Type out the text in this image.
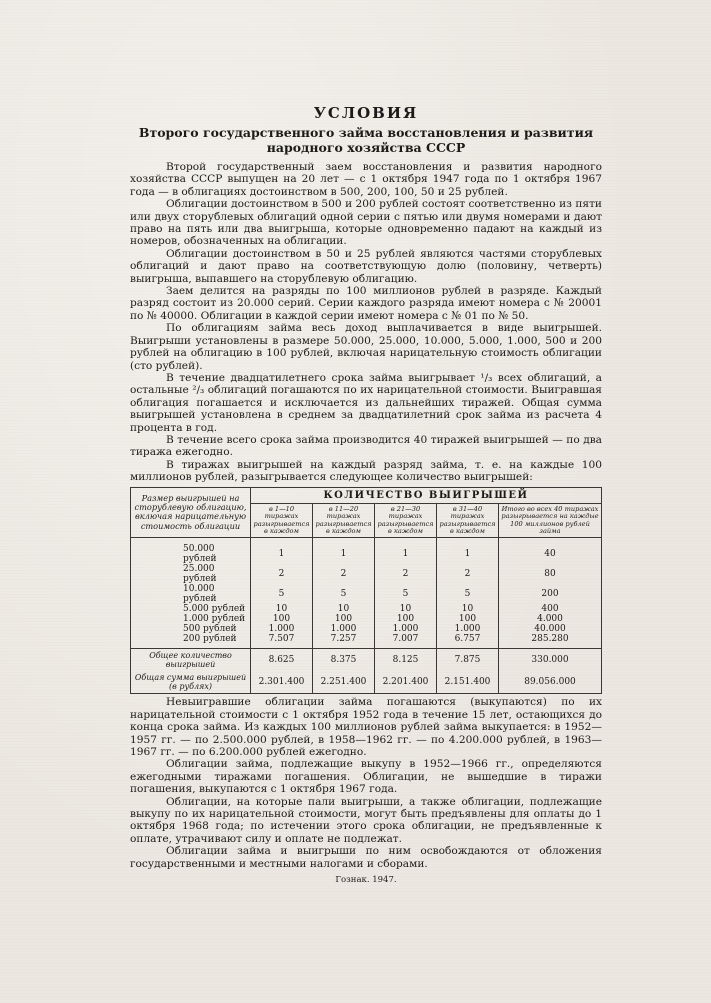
УСЛОВИЯ
Второго государственного займа восстановления и развития
народного хозяйства СССР

Второй государственный заем восстановления и развития народного хозяйства СССР выпущен на 20 лет — с 1 октября 1947 года по 1 октября 1967 года — в облигациях достоинством в 500, 200, 100, 50 и 25 рублей.

Облигации достоинством в 500 и 200 рублей состоят соответственно из пяти или двух сторублевых облигаций одной серии с пятью или двумя номерами и дают право на пять или два выигрыша, которые одновременно падают на каждый из номеров, обозначенных на облигации.

Облигации достоинством в 50 и 25 рублей являются частями сторублевых облигаций и дают право на соответствующую долю (половину, четверть) выигрыша, выпавшего на сторублевую облигацию.

Заем делится на разряды по 100 миллионов рублей в разряде. Каждый разряд состоит из 20.000 серий. Серии каждого разряда имеют номера с № 20001 по № 40000. Облигации в каждой серии имеют номера с № 01 по № 50.

По облигациям займа весь доход выплачивается в виде выигрышей. Выигрыши установлены в размере 50.000, 25.000, 10.000, 5.000, 1.000, 500 и 200 рублей на облигацию в 100 рублей, включая нарицательную стоимость облигации (сто рублей).

В течение двадцатилетнего срока займа выигрывает ¹/₃ всех облигаций, а остальные ²/₃ облигаций погашаются по их нарицательной стоимости. Выигравшая облигация погашается и исключается из дальнейших тиражей. Общая сумма выигрышей установлена в среднем за двадцатилетний срок займа из расчета 4 процента в год.

В течение всего срока займа производится 40 тиражей выигрышей — по два тиража ежегодно.

В тиражах выигрышей на каждый разряд займа, т. е. на каждые 100 миллионов рублей, разыгрывается следующее количество выигрышей:

Размер выигрышей на сторублевую облигацию, включая нарицательную стоимость облигации	КОЛИЧЕСТВО ВЫИГРЫШЕЙ				
	в 1—10 тиражах разыгрывается в каждом	в 11—20 тиражах разыгрывается в каждом	в 21—30 тиражах разыгрывается в каждом	в 31—40 тиражах разыгрывается в каждом	Итого во всех 40 тиражах разыгрывается на каждые 100 миллионов рублей займа
50.000 рублей	1	1	1	1	40
25.000 рублей	2	2	2	2	80
10.000 рублей	5	5	5	5	200
5.000 рублей	10	10	10	10	400
1.000 рублей	100	100	100	100	4.000
500 рублей	1.000	1.000	1.000	1.000	40.000
200 рублей	7.507	7.257	7.007	6.757	285.280
Общее количество выигрышей	8.625	8.375	8.125	7.875	330.000
Общая сумма выигрышей (в рублях)	2.301.400	2.251.400	2.201.400	2.151.400	89.056.000

Невыигравшие облигации займа погашаются (выкупаются) по их нарицательной стоимости с 1 октября 1952 года в течение 15 лет, остающихся до конца срока займа. Из каждых 100 миллионов рублей займа выкупается: в 1952—1957 гг. — по 2.500.000 рублей, в 1958—1962 гг. — по 4.200.000 рублей, в 1963—1967 гг. — по 6.200.000 рублей ежегодно.

Облигации займа, подлежащие выкупу в 1952—1966 гг., определяются ежегодными тиражами погашения. Облигации, не вышедшие в тиражи погашения, выкупаются с 1 октября 1967 года.

Облигации, на которые пали выигрыши, а также облигации, подлежащие выкупу по их нарицательной стоимости, могут быть предъявлены для оплаты до 1 октября 1968 года; по истечении этого срока облигации, не предъявленные к оплате, утрачивают силу и оплате не подлежат.

Облигации займа и выигрыши по ним освобождаются от обложения государственными и местными налогами и сборами.

Гознак. 1947.
